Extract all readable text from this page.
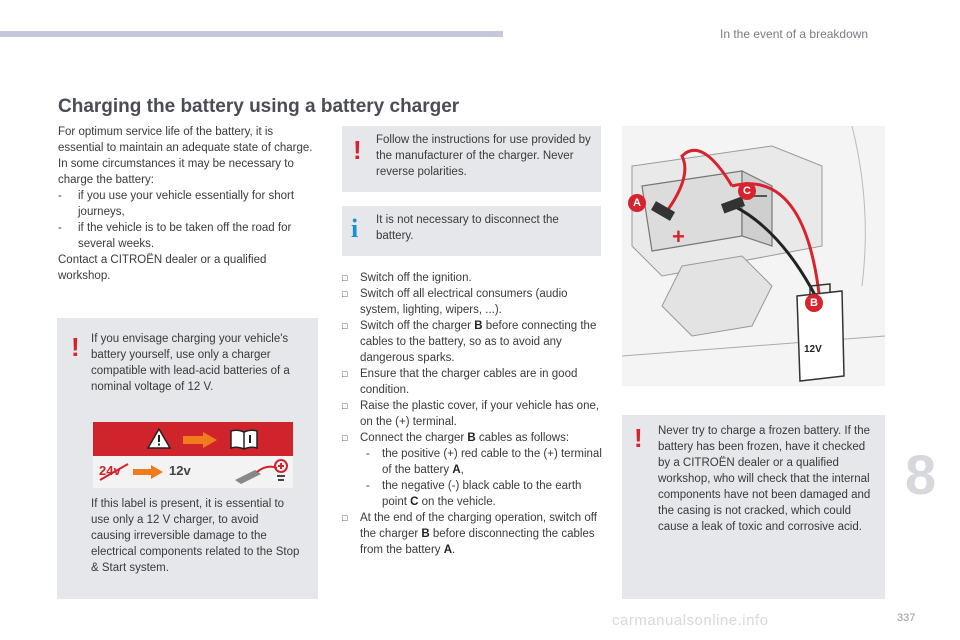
In the event of a breakdown
Charging the battery using a battery charger
For optimum service life of the battery, it is essential to maintain an adequate state of charge.
In some circumstances it may be necessary to charge the battery:
- if you use your vehicle essentially for short journeys,
- if the vehicle is to be taken off the road for several weeks.
Contact a CITROËN dealer or a qualified workshop.
! If you envisage charging your vehicle's battery yourself, use only a charger compatible with lead-acid batteries of a nominal voltage of 12 V.
24v	12v
If this label is present, it is essential to use only a 12 V charger, to avoid causing irreversible damage to the electrical components related to the Stop & Start system.
! Follow the instructions for use provided by the manufacturer of the charger. Never reverse polarities.
i It is not necessary to disconnect the battery.
□ Switch off the ignition.
□ Switch off all electrical consumers (audio system, lighting, wipers, ...).
□ Switch off the charger B before connecting the cables to the battery, so as to avoid any dangerous sparks.
□ Ensure that the charger cables are in good condition.
□ Raise the plastic cover, if your vehicle has one, on the (+) terminal.
□ Connect the charger B cables as follows:
- the positive (+) red cable to the (+) terminal of the battery A,
- the negative (-) black cable to the earth point C on the vehicle.
□ At the end of the charging operation, switch off the charger B before disconnecting the cables from the battery A.
A
B
C
+
12V
! Never try to charge a frozen battery. If the battery has been frozen, have it checked by a CITROËN dealer or a qualified workshop, who will check that the internal components have not been damaged and the casing is not cracked, which could cause a leak of toxic and corrosive acid.
8
carmanualsonline.info	337
